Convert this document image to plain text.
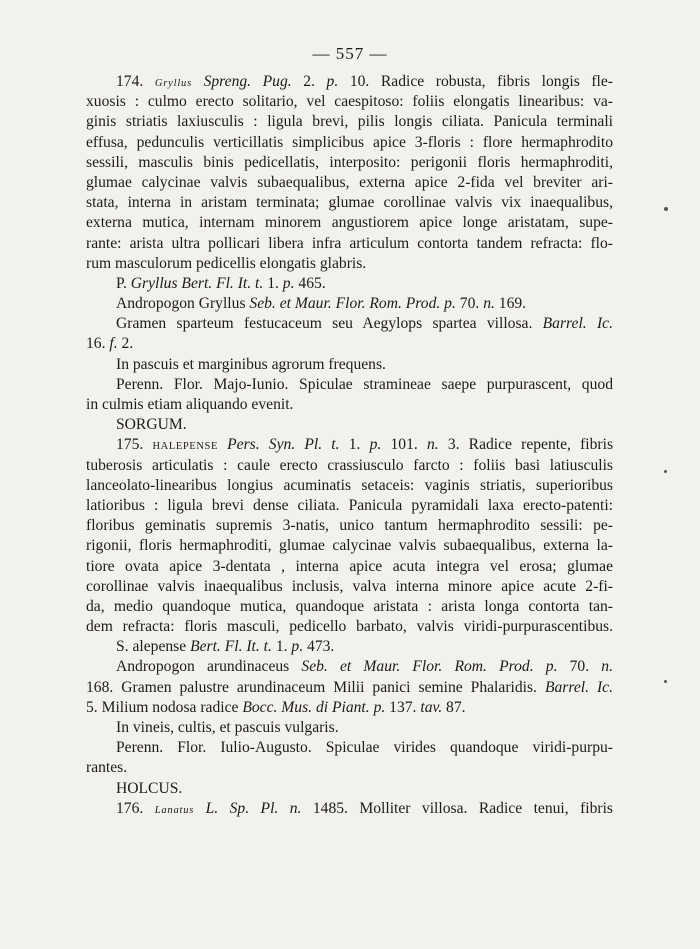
— 557 —
174. Gryllus Spreng. Pug. 2. p. 10. Radice robusta, fibris longis fle-
xuosis : culmo erecto solitario, vel caespitoso: foliis elongatis linearibus: va-
ginis striatis laxiusculis : ligula brevi, pilis longis ciliata. Panicula terminali
effusa, pedunculis verticillatis simplicibus apice 3-floris : flore hermaphrodito
sessili, masculis binis pedicellatis, interposito: perigonii floris hermaphroditi,
glumae calycinae valvis subaequalibus, externa apice 2-fida vel breviter ari-
stata, interna in aristam terminata; glumae corollinae valvis vix inaequalibus,
externa mutica, internam minorem angustiorem apice longe aristatam, supe-
rante: arista ultra pollicari libera infra articulum contorta tandem refracta: flo-
rum masculorum pedicellis elongatis glabris.
P. Gryllus Bert. Fl. It. t. 1. p. 465.
Andropogon Gryllus Seb. et Maur. Flor. Rom. Prod. p. 70. n. 169.
Gramen sparteum festucaceum seu Aegylops spartea villosa. Barrel. Ic.
16. f. 2.
In pascuis et marginibus agrorum frequens.
Perenn. Flor. Majo-Iunio. Spiculae stramineae saepe purpurascent, quod
in culmis etiam aliquando evenit.
SORGUM.
175. HALEPENSE Pers. Syn. Pl. t. 1. p. 101. n. 3. Radice repente, fibris
tuberosis articulatis : caule erecto crassiusculo farcto : foliis basi latiusculis
lanceolato-linearibus longius acuminatis setaceis: vaginis striatis, superioribus
latioribus : ligula brevi dense ciliata. Panicula pyramidali laxa erecto-patenti:
floribus geminatis supremis 3-natis, unico tantum hermaphrodito sessili: pe-
rigonii, floris hermaphroditi, glumae calycinae valvis subaequalibus, externa la-
tiore ovata apice 3-dentata , interna apice acuta integra vel erosa; glumae
corollinae valvis inaequalibus inclusis, valva interna minore apice acute 2-fi-
da, medio quandoque mutica, quandoque aristata : arista longa contorta tan-
dem refracta: floris masculi, pedicello barbato, valvis viridi-purpurascentibus.
S. alepense Bert. Fl. It. t. 1. p. 473.
Andropogon arundinaceus Seb. et Maur. Flor. Rom. Prod. p. 70. n.
168. Gramen palustre arundinaceum Milii panici semine Phalaridis. Barrel. Ic.
5. Milium nodosa radice Bocc. Mus. di Piant. p. 137. tav. 87.
In vineis, cultis, et pascuis vulgaris.
Perenn. Flor. Iulio-Augusto. Spiculae virides quandoque viridi-purpu-
rantes.
HOLCUS.
176. Lanatus L. Sp. Pl. n. 1485. Molliter villosa. Radice tenui, fibris
